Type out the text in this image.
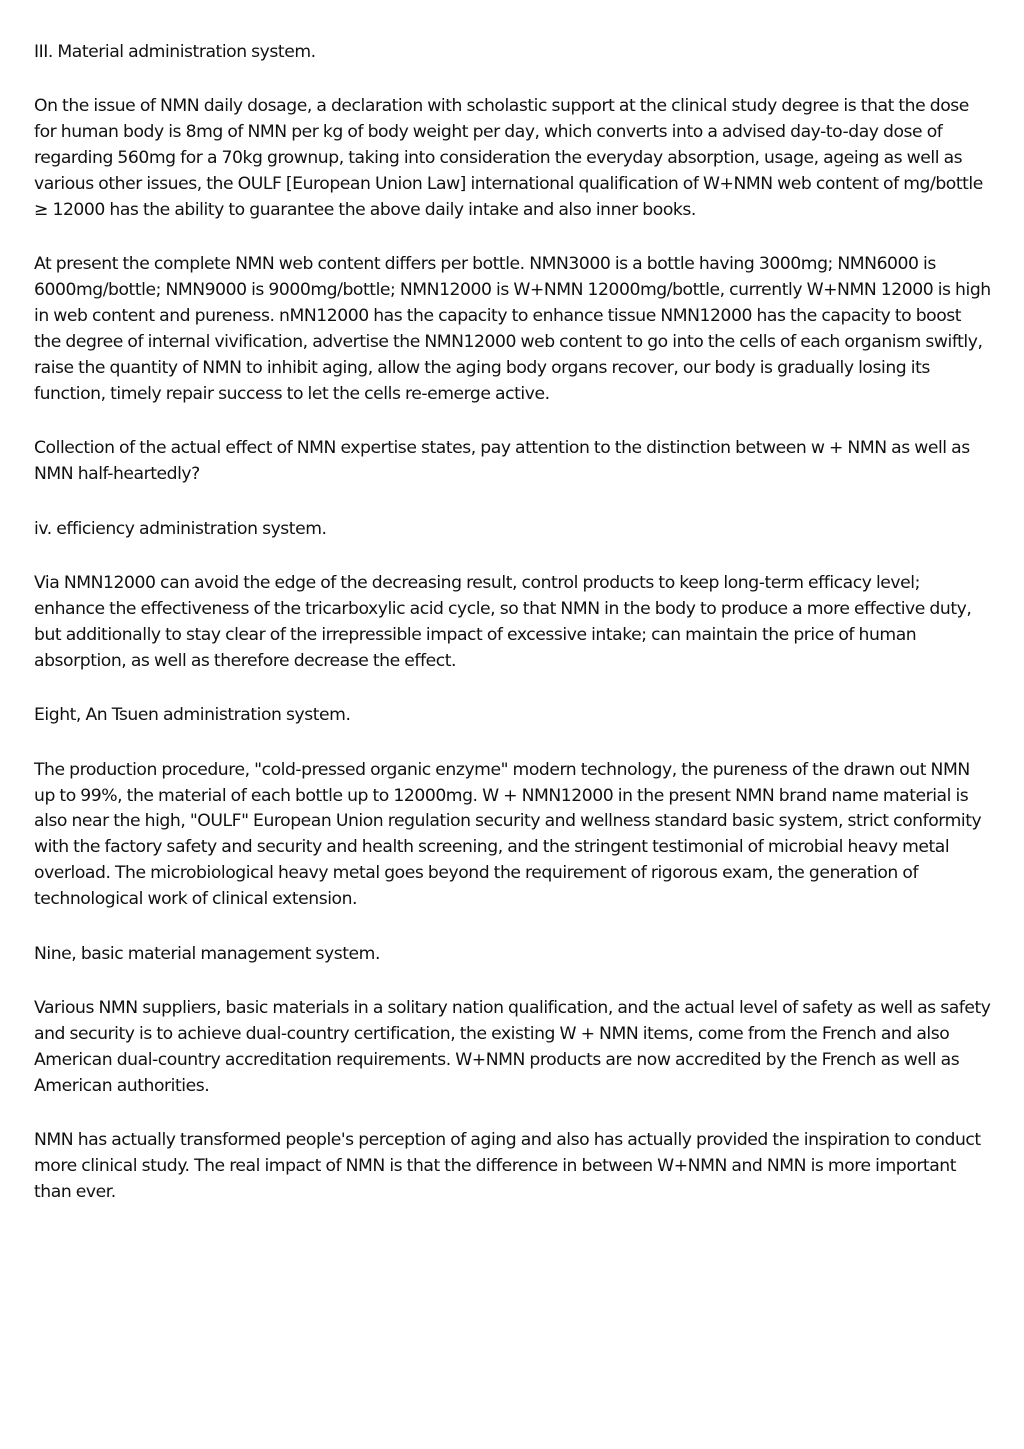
III. Material administration system.

On the issue of NMN daily dosage, a declaration with scholastic support at the clinical study degree is that the dose for human body is 8mg of NMN per kg of body weight per day, which converts into a advised day-to-day dose of regarding 560mg for a 70kg grownup, taking into consideration the everyday absorption, usage, ageing as well as various other issues, the OULF [European Union Law] international qualification of W+NMN web content of mg/bottle ≥ 12000 has the ability to guarantee the above daily intake and also inner books.

At present the complete NMN web content differs per bottle. NMN3000 is a bottle having 3000mg; NMN6000 is 6000mg/bottle; NMN9000 is 9000mg/bottle; NMN12000 is W+NMN 12000mg/bottle, currently W+NMN 12000 is high in web content and pureness. nMN12000 has the capacity to enhance tissue NMN12000 has the capacity to boost the degree of internal vivification, advertise the NMN12000 web content to go into the cells of each organism swiftly, raise the quantity of NMN to inhibit aging, allow the aging body organs recover, our body is gradually losing its function, timely repair success to let the cells re-emerge active.

Collection of the actual effect of NMN expertise states, pay attention to the distinction between w + NMN as well as NMN half-heartedly?

iv. efficiency administration system.

Via NMN12000 can avoid the edge of the decreasing result, control products to keep long-term efficacy level; enhance the effectiveness of the tricarboxylic acid cycle, so that NMN in the body to produce a more effective duty, but additionally to stay clear of the irrepressible impact of excessive intake; can maintain the price of human absorption, as well as therefore decrease the effect.

Eight, An Tsuen administration system.

The production procedure, "cold-pressed organic enzyme" modern technology, the pureness of the drawn out NMN up to 99%, the material of each bottle up to 12000mg. W + NMN12000 in the present NMN brand name material is also near the high, "OULF" European Union regulation security and wellness standard basic system, strict conformity with the factory safety and security and health screening, and the stringent testimonial of microbial heavy metal overload. The microbiological heavy metal goes beyond the requirement of rigorous exam, the generation of technological work of clinical extension.

Nine, basic material management system.

Various NMN suppliers, basic materials in a solitary nation qualification, and the actual level of safety as well as safety and security is to achieve dual-country certification, the existing W + NMN items, come from the French and also American dual-country accreditation requirements. W+NMN products are now accredited by the French as well as American authorities.

NMN has actually transformed people's perception of aging and also has actually provided the inspiration to conduct more clinical study. The real impact of NMN is that the difference in between W+NMN and NMN is more important than ever.
